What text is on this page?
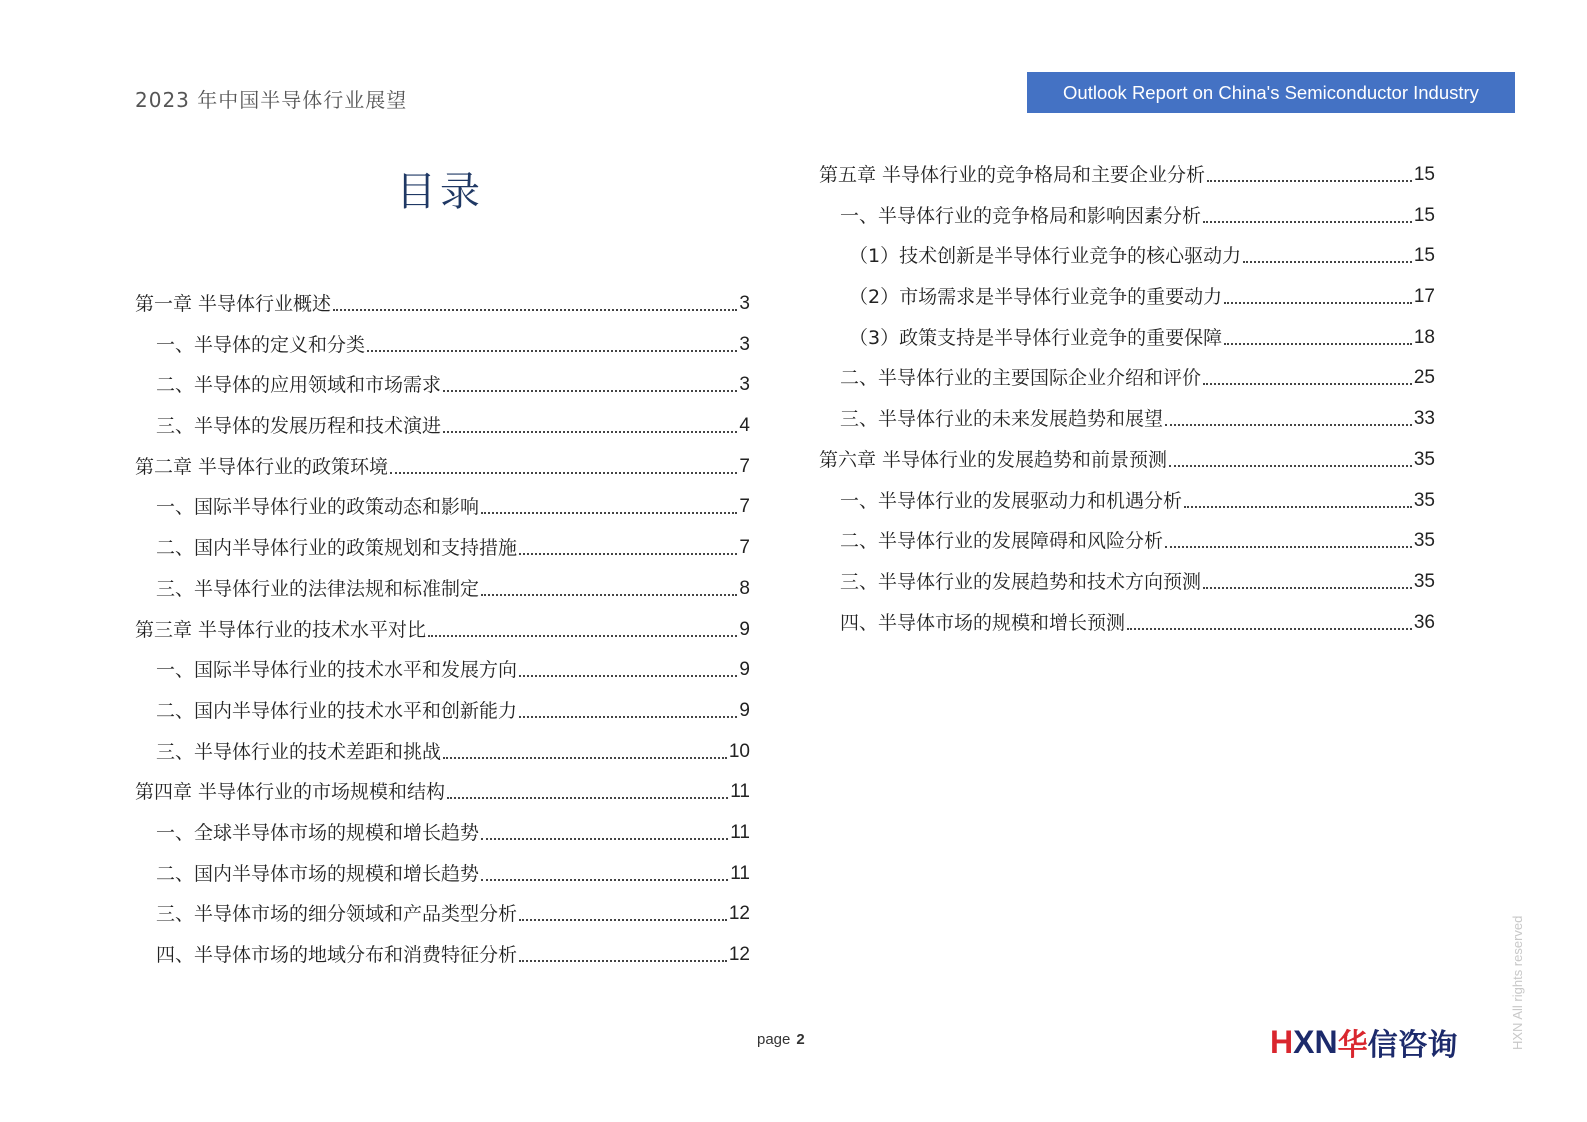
2023 年中国半导体行业展望	Outlook Report on China's Semiconductor Industry
目录
第一章 半导体行业概述	3
一、半导体的定义和分类	3
二、半导体的应用领域和市场需求	3
三、半导体的发展历程和技术演进	4
第二章 半导体行业的政策环境	7
一、国际半导体行业的政策动态和影响	7
二、国内半导体行业的政策规划和支持措施	7
三、半导体行业的法律法规和标准制定	8
第三章 半导体行业的技术水平对比	9
一、国际半导体行业的技术水平和发展方向	9
二、国内半导体行业的技术水平和创新能力	9
三、半导体行业的技术差距和挑战	10
第四章 半导体行业的市场规模和结构	11
一、全球半导体市场的规模和增长趋势	11
二、国内半导体市场的规模和增长趋势	11
三、半导体市场的细分领域和产品类型分析	12
四、半导体市场的地域分布和消费特征分析	12
第五章 半导体行业的竞争格局和主要企业分析	15
一、半导体行业的竞争格局和影响因素分析	15
（1）技术创新是半导体行业竞争的核心驱动力	15
（2）市场需求是半导体行业竞争的重要动力	17
（3）政策支持是半导体行业竞争的重要保障	18
二、半导体行业的主要国际企业介绍和评价	25
三、半导体行业的未来发展趋势和展望	33
第六章 半导体行业的发展趋势和前景预测	35
一、半导体行业的发展驱动力和机遇分析	35
二、半导体行业的发展障碍和风险分析	35
三、半导体行业的发展趋势和技术方向预测	35
四、半导体市场的规模和增长预测	36
page 2	H XN 华 信咨询	HXN All rights reserved
